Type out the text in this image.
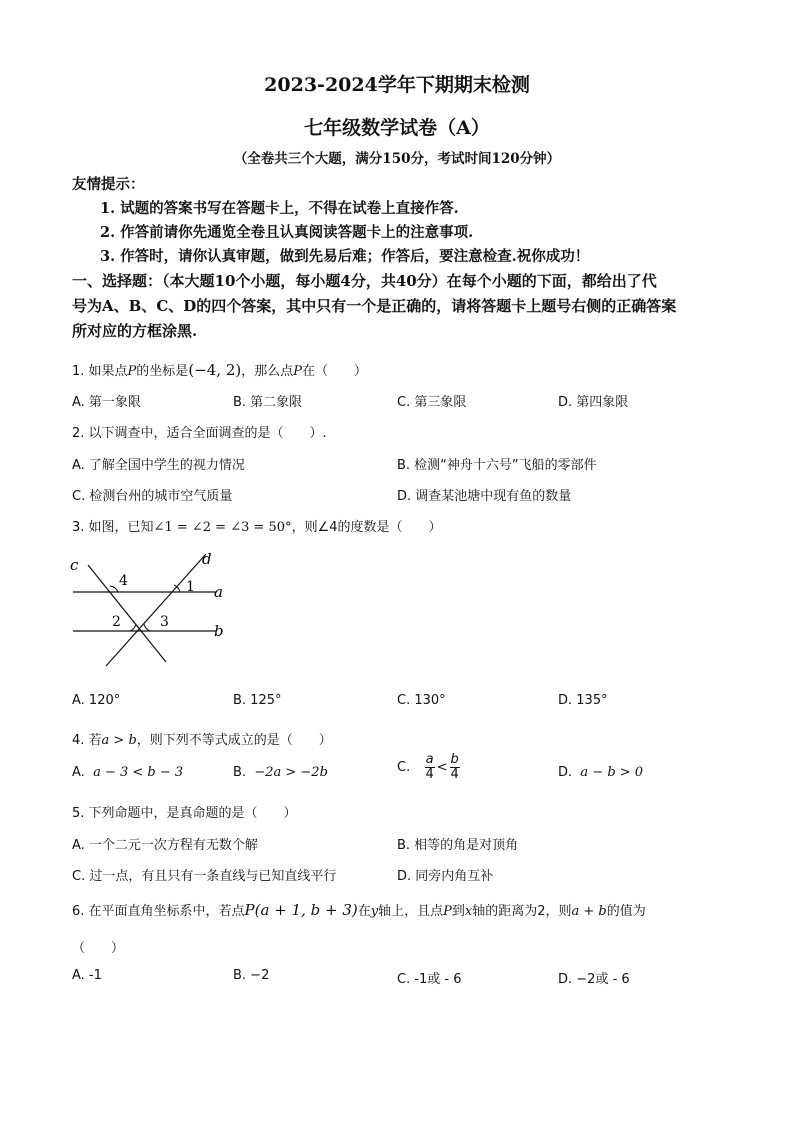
2023-2024学年下期期末检测
七年级数学试卷（A）
（全卷共三个大题，满分150分，考试时间120分钟）
友情提示：
1. 试题的答案书写在答题卡上，不得在试卷上直接作答.
2. 作答前请你先通览全卷且认真阅读答题卡上的注意事项.
3. 作答时，请你认真审题，做到先易后难；作答后，要注意检查.祝你成功！
一、选择题：（本大题10个小题，每小题4分，共40分）在每个小题的下面，都给出了代
号为A、B、C、D的四个答案，其中只有一个是正确的，请将答题卡上题号右侧的正确答案
所对应的方框涂黑.
1. 如果点P的坐标是(−4, 2)，那么点P在（　　）
A. 第一象限	B. 第二象限	C. 第三象限	D. 第四象限
2. 以下调查中，适合全面调查的是（　　）.
A. 了解全国中学生的视力情况	B. 检测“神舟十六号”飞船的零部件
C. 检测台州的城市空气质量	D. 调查某池塘中现有鱼的数量
3. 如图，已知∠1 = ∠2 = ∠3 = 50°，则∠4的度数是（　　）
c	d
a
b
1
2	3
4
A. 120°	B. 125°	C. 130°	D. 135°
4. 若a > b，则下列不等式成立的是（　　）
A. a − 3 < b − 3	B. −2a > −2b	C. $\frac{a}{4} < \frac{b}{4}$	D. a − b > 0
5. 下列命题中，是真命题的是（　　）
A. 一个二元一次方程有无数个解	B. 相等的角是对顶角
C. 过一点，有且只有一条直线与已知直线平行	D. 同旁内角互补
6. 在平面直角坐标系中，若点P(a + 1, b + 3)在y轴上，且点P到x轴的距离为2，则a + b的值为
（　　）
A. -1	B. −2	C. -1或 - 6	D. −2或 - 6
